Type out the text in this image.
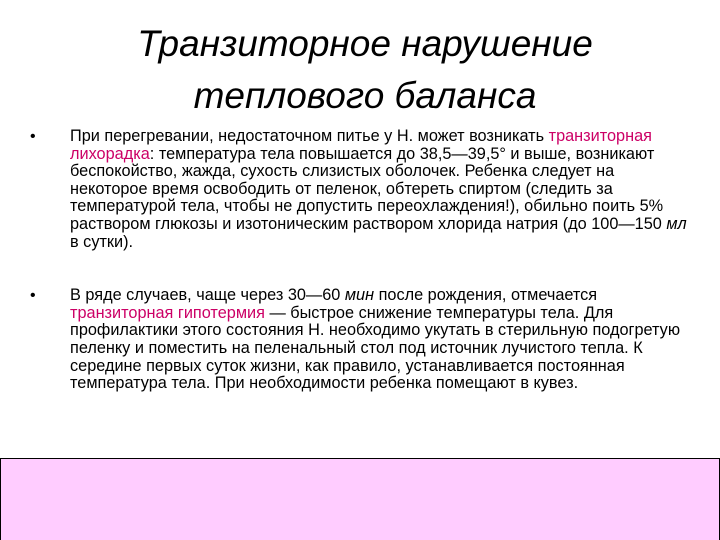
Транзиторное нарушение
теплового баланса
• При перегревании, недостаточном питье у Н. может возникать транзиторная лихорадка: температура тела повышается до 38,5—39,5° и выше, возникают беспокойство, жажда, сухость слизистых оболочек. Ребенка следует на некоторое время освободить от пеленок, обтереть спиртом (следить за температурой тела, чтобы не допустить переохлаждения!), обильно поить 5% раствором глюкозы и изотоническим раствором хлорида натрия (до 100—150 мл в сутки).
• В ряде случаев, чаще через 30—60 мин после рождения, отмечается транзиторная гипотермия — быстрое снижение температуры тела. Для профилактики этого состояния Н. необходимо укутать в стерильную подогретую пеленку и поместить на пеленальный стол под источник лучистого тепла. К середине первых суток жизни, как правило, устанавливается постоянная температура тела. При необходимости ребенка помещают в кувез.
